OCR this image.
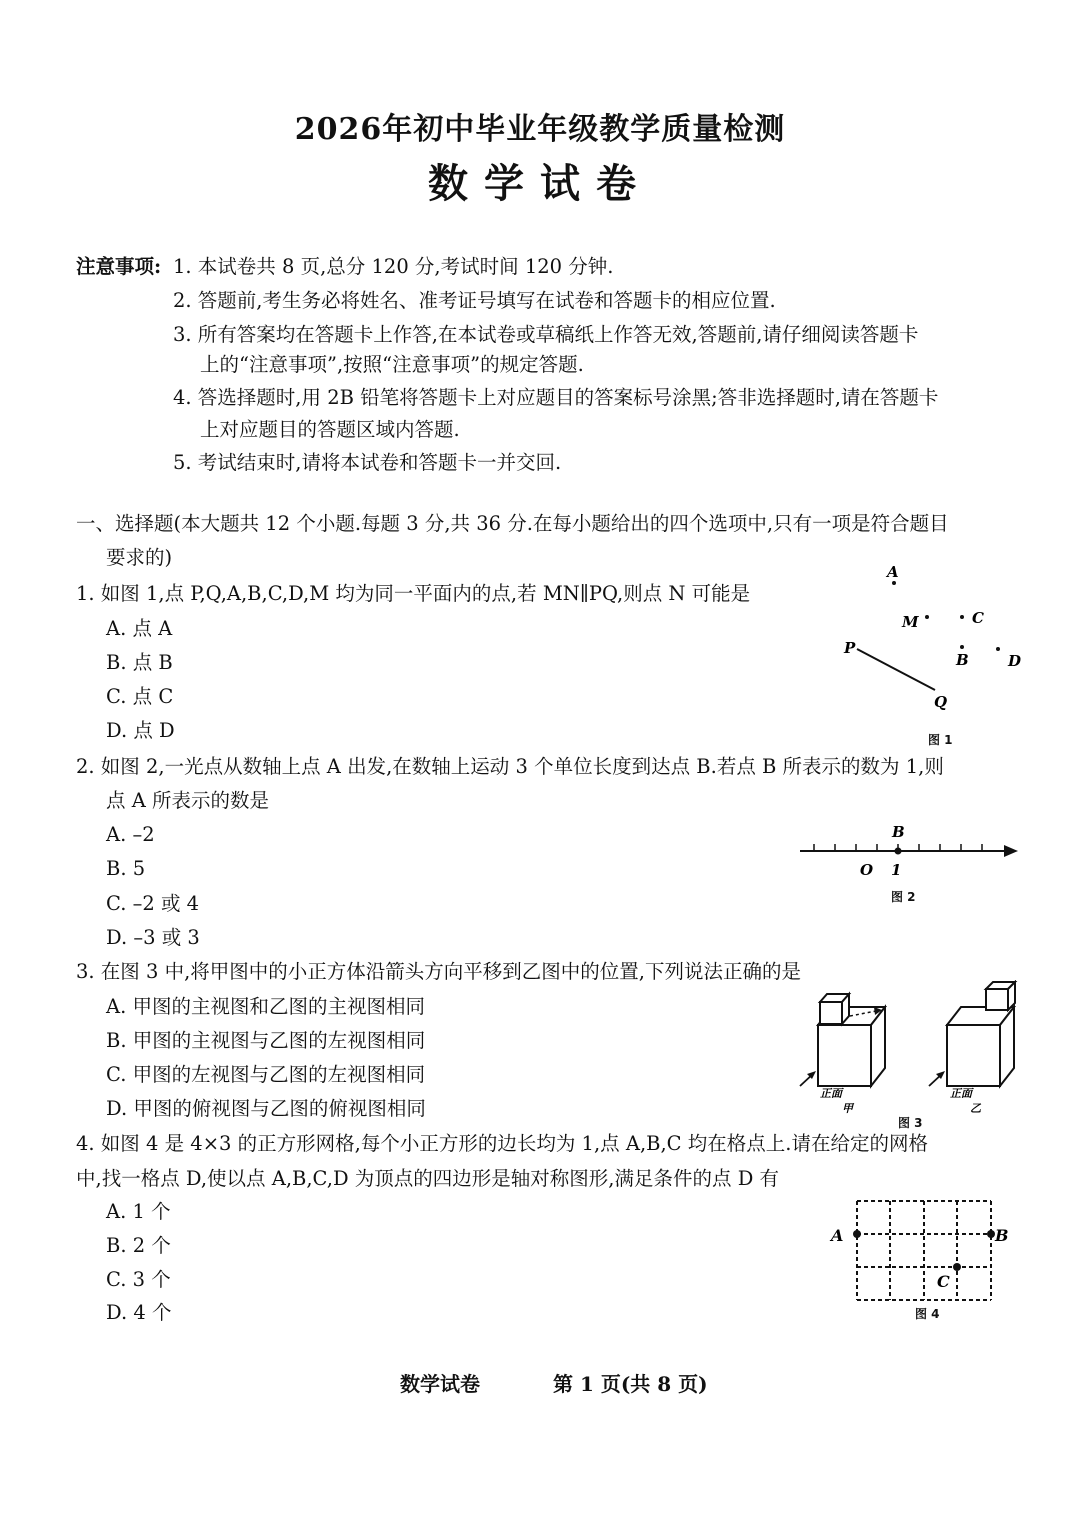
2026年初中毕业年级教学质量检测
数学试卷
注意事项: 1. 本试卷共 8 页,总分 120 分,考试时间 120 分钟.
2. 答题前,考生务必将姓名、准考证号填写在试卷和答题卡的相应位置.
3. 所有答案均在答题卡上作答,在本试卷或草稿纸上作答无效,答题前,请仔细阅读答题卡
上的“注意事项”,按照“注意事项”的规定答题.
4. 答选择题时,用 2B 铅笔将答题卡上对应题目的答案标号涂黑;答非选择题时,请在答题卡
上对应题目的答题区域内答题.
5. 考试结束时,请将本试卷和答题卡一并交回.
一、选择题(本大题共 12 个小题.每题 3 分,共 36 分.在每小题给出的四个选项中,只有一项是符合题目
要求的)
1. 如图 1,点 P,Q,A,B,C,D,M 均为同一平面内的点,若 MN∥PQ,则点 N 可能是
A. 点 A
B. 点 B
C. 点 C
D. 点 D
A
M	C
P
B	D
Q
图 1
2. 如图 2,一光点从数轴上点 A 出发,在数轴上运动 3 个单位长度到达点 B.若点 B 所表示的数为 1,则
点 A 所表示的数是
A. –2
B. 5
C. –2 或 4
D. –3 或 3
B
O 1
图 2
3. 在图 3 中,将甲图中的小正方体沿箭头方向平移到乙图中的位置,下列说法正确的是
A. 甲图的主视图和乙图的主视图相同
B. 甲图的主视图与乙图的左视图相同
C. 甲图的左视图与乙图的左视图相同
D. 甲图的俯视图与乙图的俯视图相同
正面
甲
正面
乙
图 3
4. 如图 4 是 4×3 的正方形网格,每个小正方形的边长均为 1,点 A,B,C 均在格点上.请在给定的网格
中,找一格点 D,使以点 A,B,C,D 为顶点的四边形是轴对称图形,满足条件的点 D 有
A. 1 个
B. 2 个
C. 3 个
D. 4 个
A	B
C
图 4
数学试卷	第 1 页(共 8 页)
